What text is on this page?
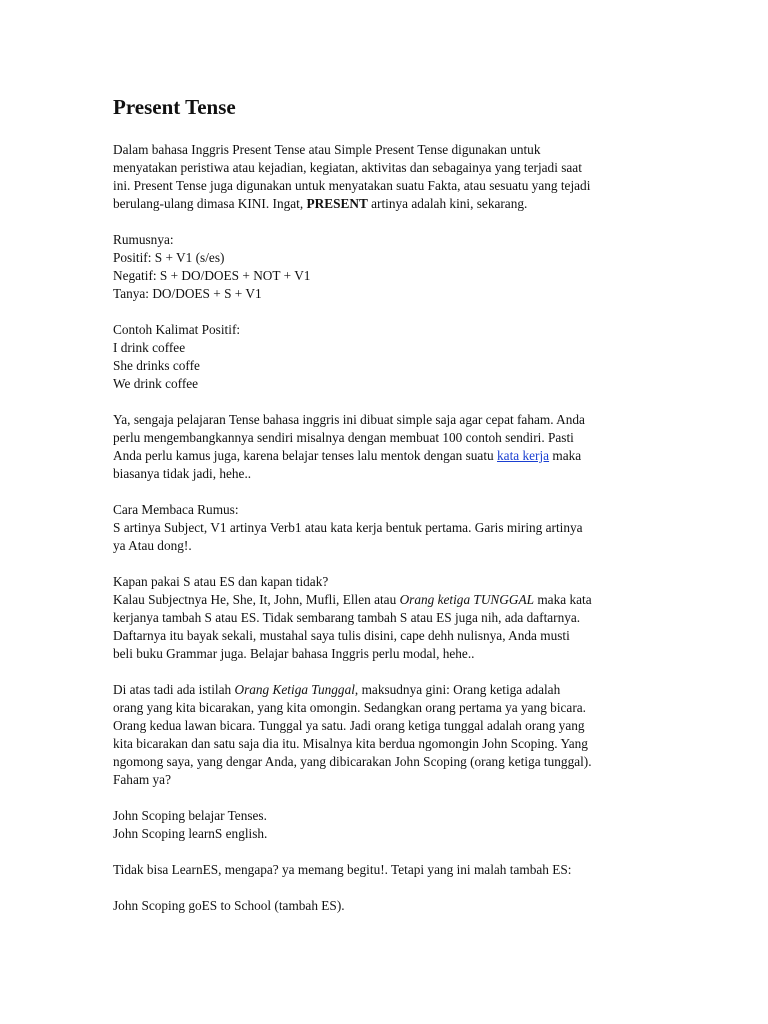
Present Tense
Dalam bahasa Inggris Present Tense atau Simple Present Tense digunakan untuk
menyatakan peristiwa atau kejadian, kegiatan, aktivitas dan sebagainya yang terjadi saat
ini. Present Tense juga digunakan untuk menyatakan suatu Fakta, atau sesuatu yang tejadi
berulang-ulang dimasa KINI. Ingat, PRESENT artinya adalah kini, sekarang.
Rumusnya:
Positif: S + V1 (s/es)
Negatif: S + DO/DOES + NOT + V1
Tanya: DO/DOES + S + V1
Contoh Kalimat Positif:
I drink coffee
She drinks coffe
We drink coffee
Ya, sengaja pelajaran Tense bahasa inggris ini dibuat simple saja agar cepat faham. Anda
perlu mengembangkannya sendiri misalnya dengan membuat 100 contoh sendiri. Pasti
Anda perlu kamus juga, karena belajar tenses lalu mentok dengan suatu kata kerja maka
biasanya tidak jadi, hehe..
Cara Membaca Rumus:
S artinya Subject, V1 artinya Verb1 atau kata kerja bentuk pertama. Garis miring artinya
ya Atau dong!.
Kapan pakai S atau ES dan kapan tidak?
Kalau Subjectnya He, She, It, John, Mufli, Ellen atau Orang ketiga TUNGGAL maka kata
kerjanya tambah S atau ES. Tidak sembarang tambah S atau ES juga nih, ada daftarnya.
Daftarnya itu bayak sekali, mustahal saya tulis disini, cape dehh nulisnya, Anda musti
beli buku Grammar juga. Belajar bahasa Inggris perlu modal, hehe..
Di atas tadi ada istilah Orang Ketiga Tunggal, maksudnya gini: Orang ketiga adalah
orang yang kita bicarakan, yang kita omongin. Sedangkan orang pertama ya yang bicara.
Orang kedua lawan bicara. Tunggal ya satu. Jadi orang ketiga tunggal adalah orang yang
kita bicarakan dan satu saja dia itu. Misalnya kita berdua ngomongin John Scoping. Yang
ngomong saya, yang dengar Anda, yang dibicarakan John Scoping (orang ketiga tunggal).
Faham ya?
John Scoping belajar Tenses.
John Scoping learnS english.
Tidak bisa LearnES, mengapa? ya memang begitu!. Tetapi yang ini malah tambah ES:
John Scoping goES to School (tambah ES).
